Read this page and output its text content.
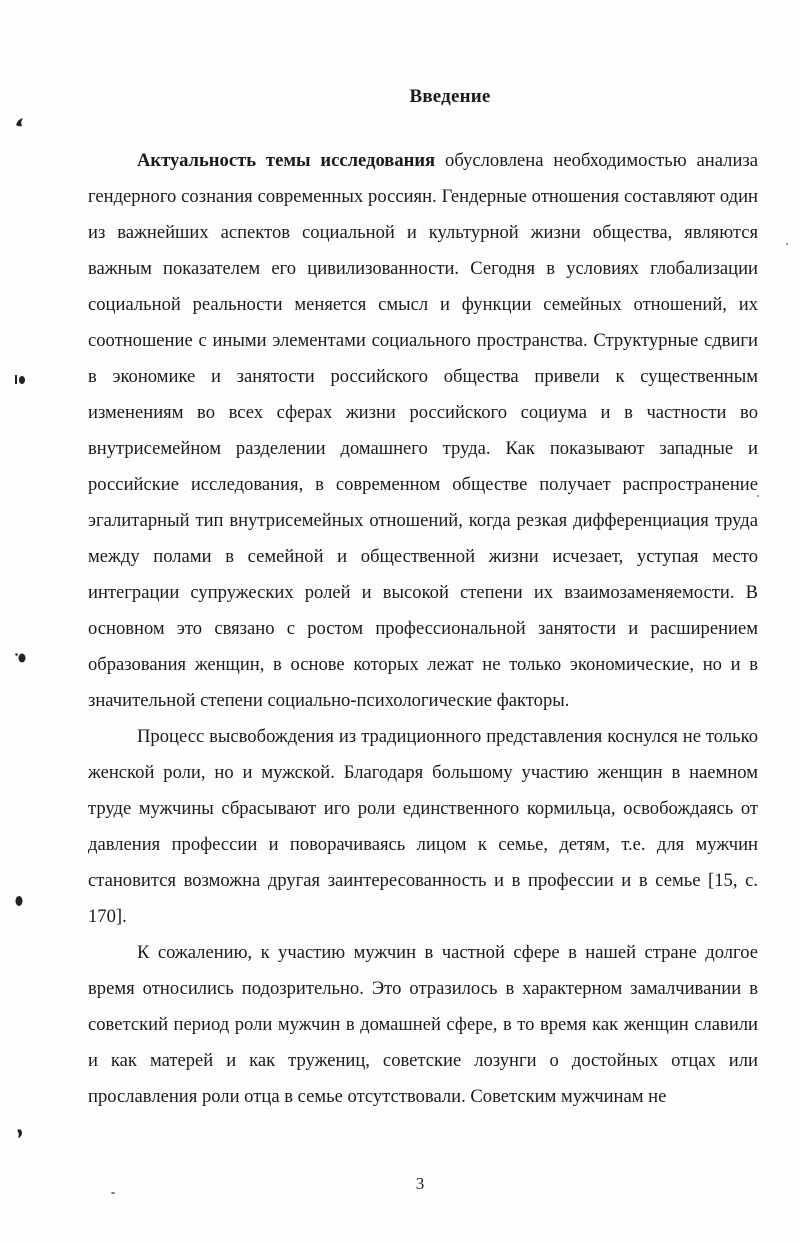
Введение

Актуальность темы исследования обусловлена необходимостью анализа гендерного сознания современных россиян. Гендерные отношения составляют один из важнейших аспектов социальной и культурной жизни общества, являются важным показателем его цивилизованности. Сегодня в условиях глобализации социальной реальности меняется смысл и функции семейных отношений, их соотношение с иными элементами социального пространства. Структурные сдвиги в экономике и занятости российского общества привели к существенным изменениям во всех сферах жизни российского социума и в частности во внутрисемейном разделении домашнего труда. Как показывают западные и российские исследования, в современном обществе получает распространение эгалитарный тип внутрисемейных отношений, когда резкая дифференциация труда между полами в семейной и общественной жизни исчезает, уступая место интеграции супружеских ролей и высокой степени их взаимозаменяемости. В основном это связано с ростом профессиональной занятости и расширением образования женщин, в основе которых лежат не только экономические, но и в значительной степени социально-психологические факторы.

Процесс высвобождения из традиционного представления коснулся не только женской роли, но и мужской. Благодаря большому участию женщин в наемном труде мужчины сбрасывают иго роли единственного кормильца, освобождаясь от давления профессии и поворачиваясь лицом к семье, детям, т.е. для мужчин становится возможна другая заинтересованность и в профессии и в семье [15, с. 170].

К сожалению, к участию мужчин в частной сфере в нашей стране долгое время относились подозрительно. Это отразилось в характерном замалчивании в советский период роли мужчин в домашней сфере, в то время как женщин славили и как матерей и как тружениц, советские лозунги о достойных отцах или прославления роли отца в семье отсутствовали. Советским мужчинам не

3
